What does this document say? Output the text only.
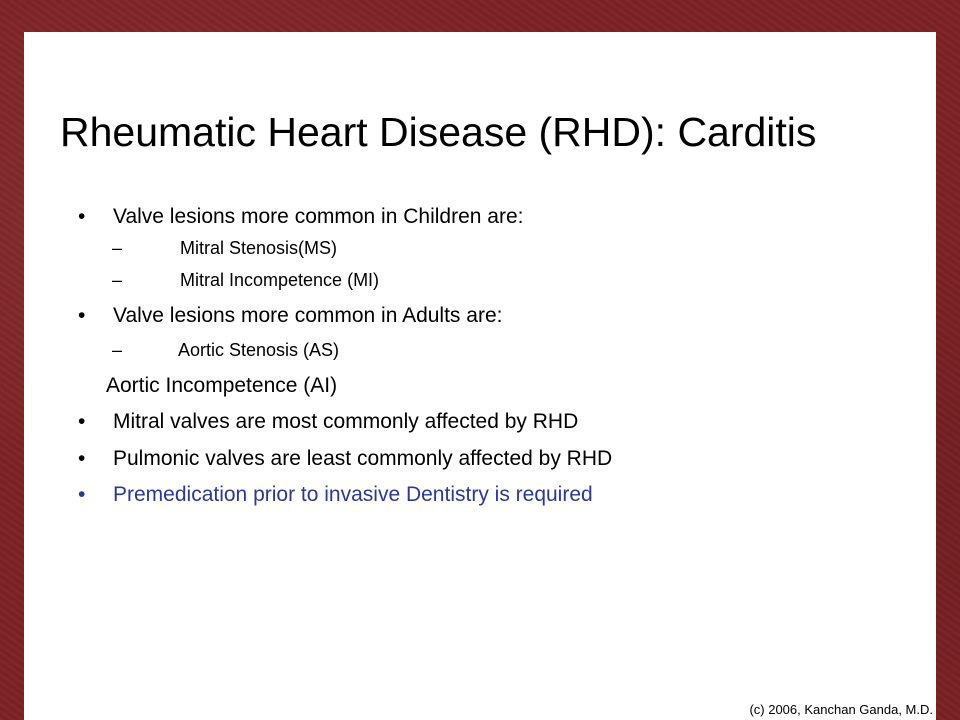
Rheumatic Heart Disease (RHD): Carditis
• Valve lesions more common in Children are:
–	Mitral Stenosis(MS)
–	Mitral Incompetence (MI)
• Valve lesions more common in Adults are:
–	Aortic Stenosis (AS)
Aortic Incompetence (AI)
• Mitral valves are most commonly affected by RHD
• Pulmonic valves are least commonly affected by RHD
• Premedication prior to invasive Dentistry is required
(c) 2006, Kanchan Ganda, M.D.
